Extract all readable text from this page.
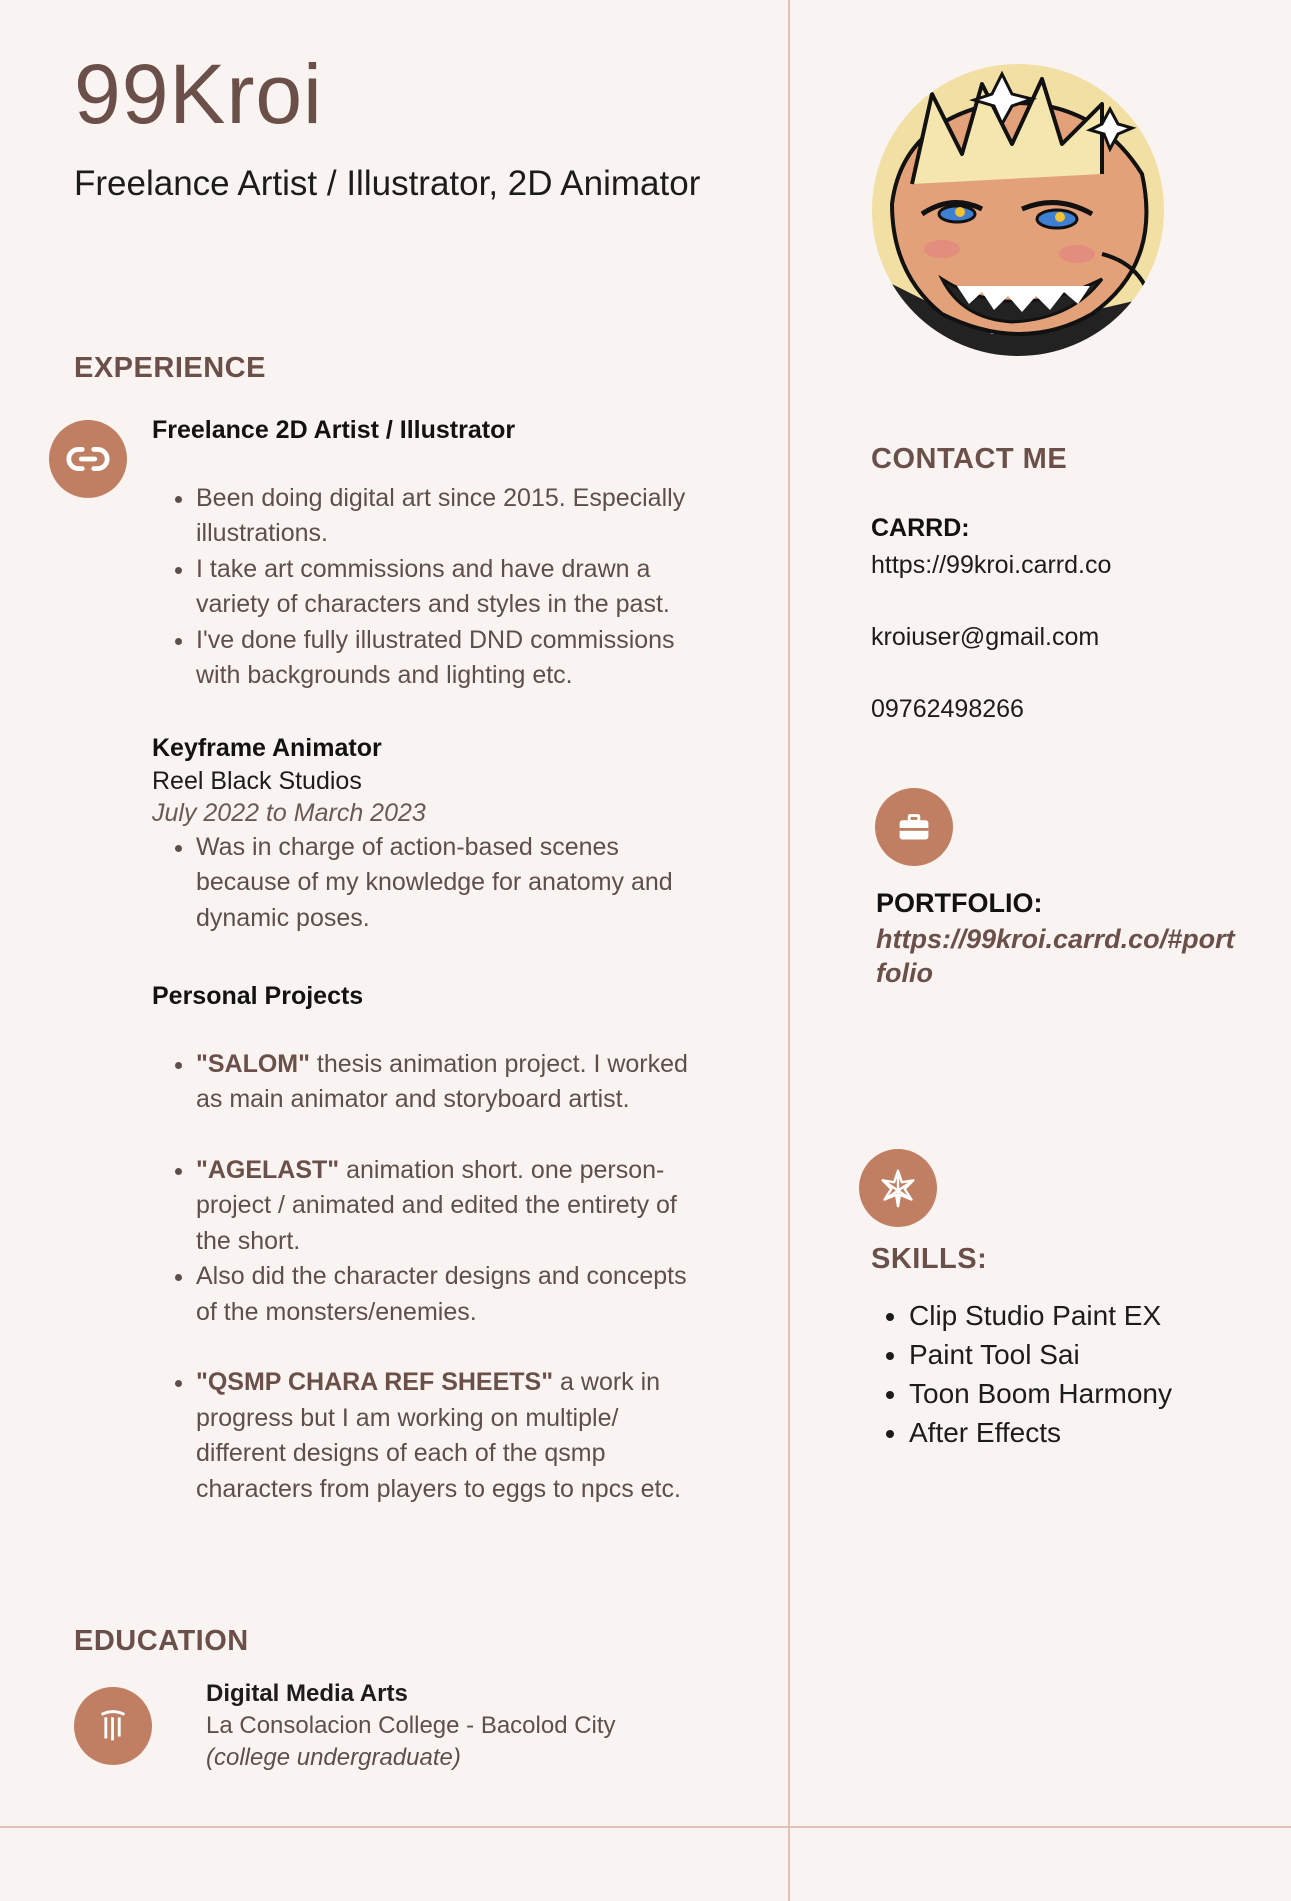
99Kroi
Freelance Artist / Illustrator, 2D Animator
EXPERIENCE
Freelance 2D Artist / Illustrator
• Been doing digital art since 2015. Especially illustrations.
• I take art commissions and have drawn a variety of characters and styles in the past.
• I've done fully illustrated DND commissions with backgrounds and lighting etc.
Keyframe Animator
Reel Black Studios
July 2022 to March 2023
• Was in charge of action-based scenes because of my knowledge for anatomy and dynamic poses.
Personal Projects
• "SALOM" thesis animation project. I worked as main animator and storyboard artist.
• "AGELAST" animation short. one person-project / animated and edited the entirety of the short.
• Also did the character designs and concepts of the monsters/enemies.
• "QSMP CHARA REF SHEETS" a work in progress but I am working on multiple/ different designs of each of the qsmp characters from players to eggs to npcs etc.
EDUCATION
Digital Media Arts
La Consolacion College - Bacolod City
(college undergraduate)
CONTACT ME
CARRD:
https://99kroi.carrd.co
kroiuser@gmail.com
09762498266
PORTFOLIO:
https://99kroi.carrd.co/#portfolio
SKILLS:
• Clip Studio Paint EX
• Paint Tool Sai
• Toon Boom Harmony
• After Effects
